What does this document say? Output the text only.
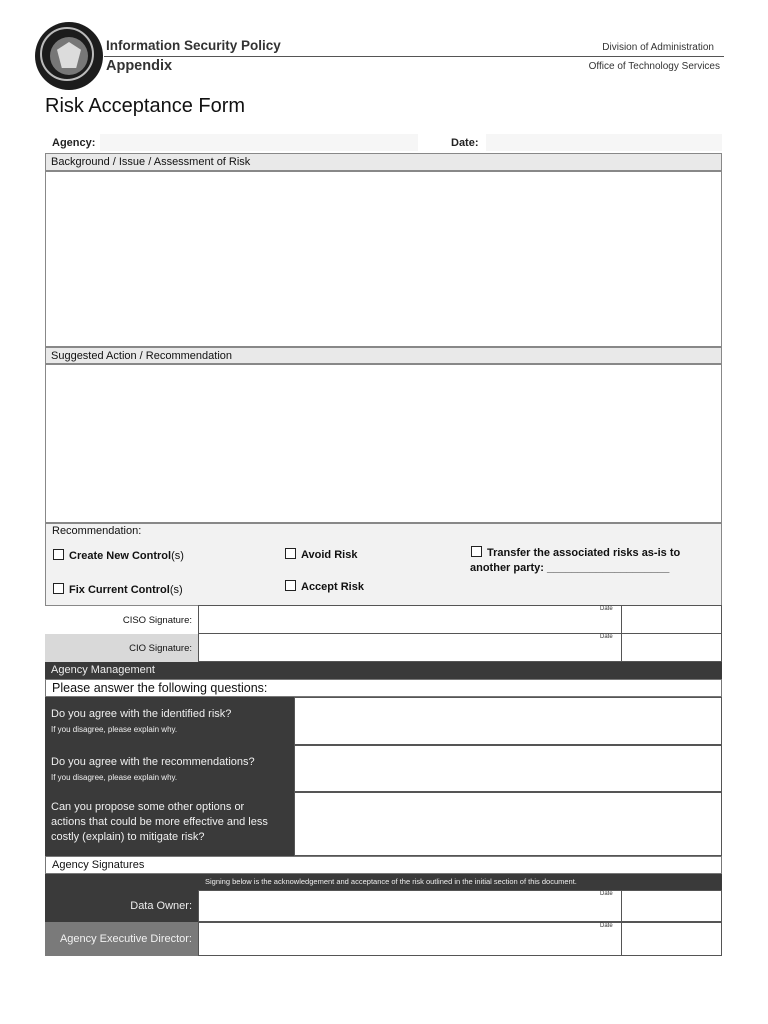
Information Security Policy
Appendix
Division of Administration
Office of Technology Services
Risk Acceptance Form
Agency:	Date:
Background / Issue / Assessment of Risk
Suggested Action / Recommendation
Recommendation:
Create New Control(s)
Fix Current Control(s)
Avoid Risk
Accept Risk
Transfer the associated risks as-is to
another party: ____________________
CISO Signature:
Date
CIO Signature:
Date
Agency Management
Please answer the following questions:
Do you agree with the identified risk?
If you disagree, please explain why.
Do you agree with the recommendations?
If you disagree, please explain why.
Can you propose some other options or
actions that could be more effective and less
costly (explain) to mitigate risk?
Agency Signatures
Signing below is the acknowledgement and acceptance of the risk outlined in the initial section of this document.
Data Owner:
Date
Agency Executive Director:
Date
